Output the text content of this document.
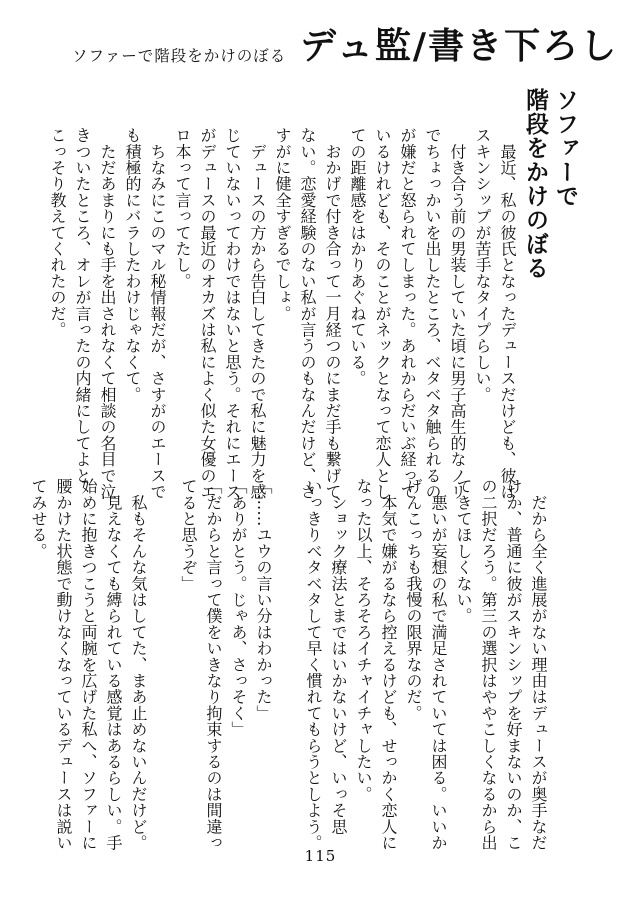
ソファーで階段をかけのぼる デュ監/書き下ろし
ソファーで
階段をかけのぼる

　最近、私の彼氏となったデュースだけども、彼は

スキンシップが苦手なタイプらしい。

　付き合う前の男装していた頃に男子高生的なノリ

でちょっかいを出したところ、ベタベタ触られるの

が嫌だと怒られてしまった。あれからだいぶ経って

いるけれども、そのことがネックとなって恋人とし

ての距離感をはかりあぐねている。

　おかげで付き合って一月経つのにまだ手も繋げて

ない。恋愛経験のない私が言うのもなんだけど、さ

すがに健全すぎるでしょ。

　デュースの方から告白してきたので私に魅力を感

じていないってわけではないと思う。それにエース

がデュースの最近のオカズは私によく似た女優のエ

ロ本って言ってたし。

　ちなみにこのマル秘情報だが、さすがのエースで

も積極的にバラしたわけじゃなくて。

　ただあまりにも手を出されなくて相談の名目で泣

きついたところ、オレが言ったの内緒にしてよと

こっそり教えてくれたのだ。

　だから全く進展がない理由はデュースが奥手なだ

けか、普通に彼がスキンシップを好まないのか、こ

の二択だろう。第三の選択はややこしくなるから出

てきてほしくない。

　悪いが妄想の私で満足されていては困る。いいか

げんこっちも我慢の限界なのだ。

　本気で嫌がるなら控えるけども、せっかく恋人に

なった以上、そろそろイチャイチャしたい。

　ショック療法とまではいかないけど、いっそ思

いっきりベタベタして早く慣れてもらうとしよう。

「……ユウの言い分はわかった」

「ありがとう。じゃあ、さっそく」

「だからと言って僕をいきなり拘束するのは間違っ

てると思うぞ」

　私もそんな気はしてた、まあ止めないんだけど。

　見えなくても縛られている感覚はあるらしい。手

始めに抱きつこうと両腕を広げた私へ、ソファーに

腰かけた状態で動けなくなっているデュースは説い

てみせる。

115
